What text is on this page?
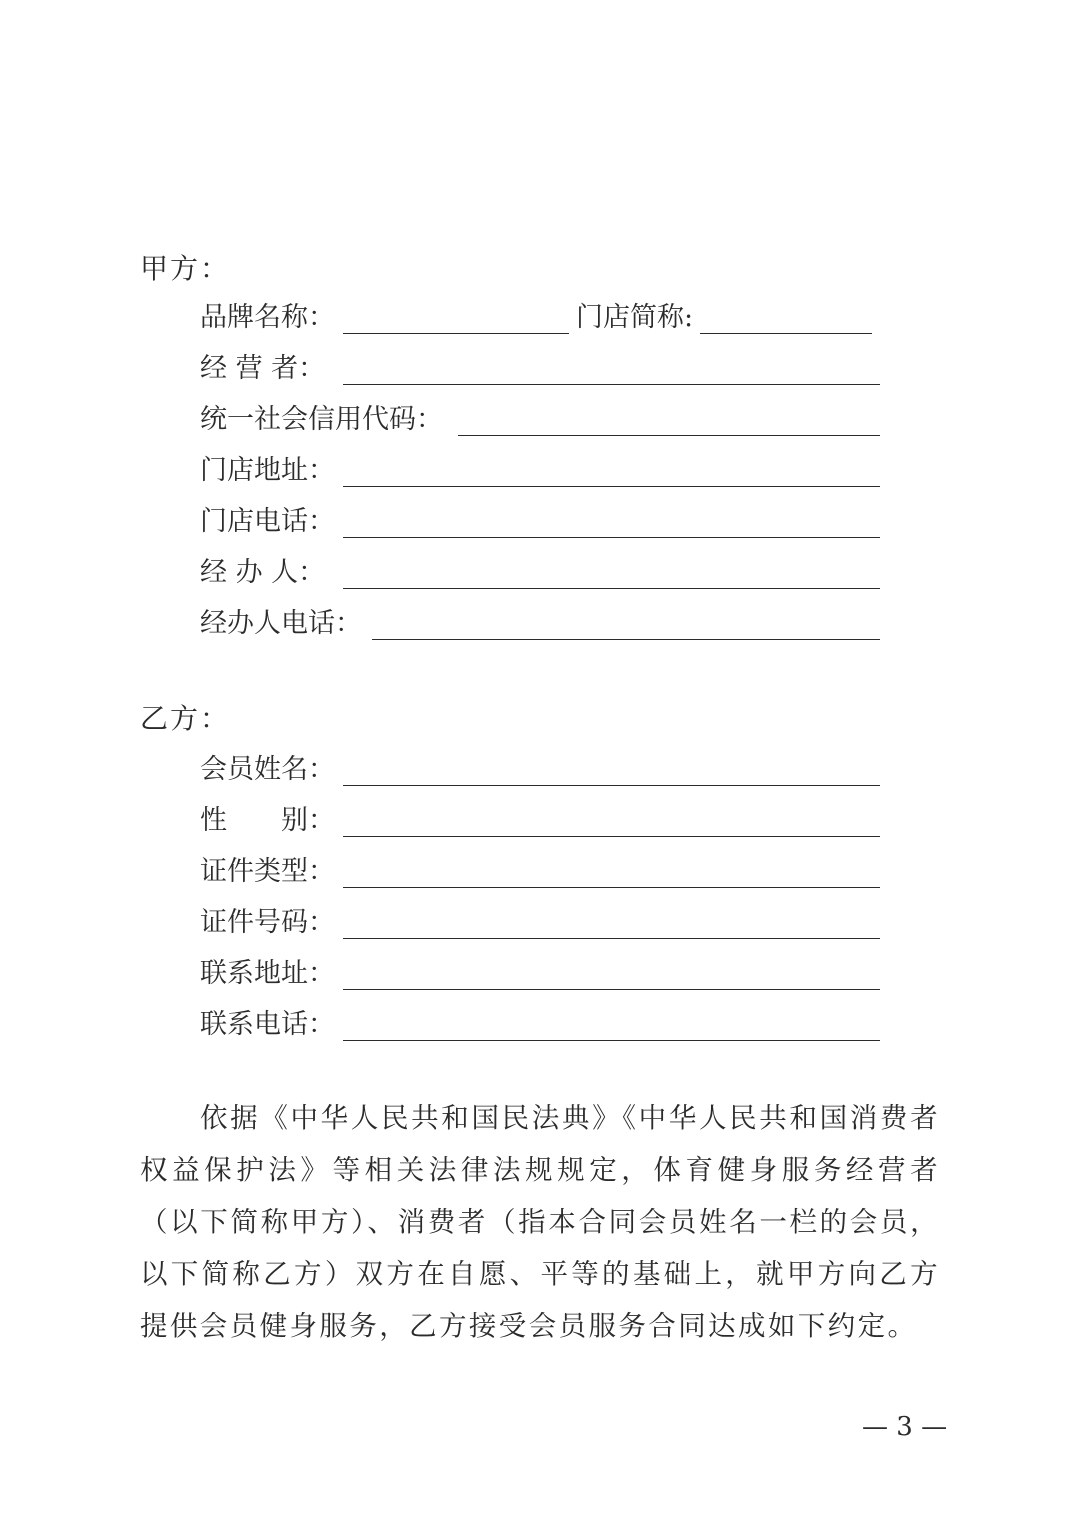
甲方：
品牌名称：	门店简称:
经 营 者：
统一社会信用代码：
门店地址：
门店电话：
经 办 人：
经办人电话：
乙方：
会员姓名：
性　　别：
证件类型：
证件号码：
联系地址：
联系电话：

依据《中华人民共和国民法典》《中华人民共和国消费者权益保护法》等相关法律法规规定，体育健身服务经营者（以下简称甲方）、消费者（指本合同会员姓名一栏的会员，以下简称乙方）双方在自愿、平等的基础上，就甲方向乙方提供会员健身服务，乙方接受会员服务合同达成如下约定。

— 3 —
